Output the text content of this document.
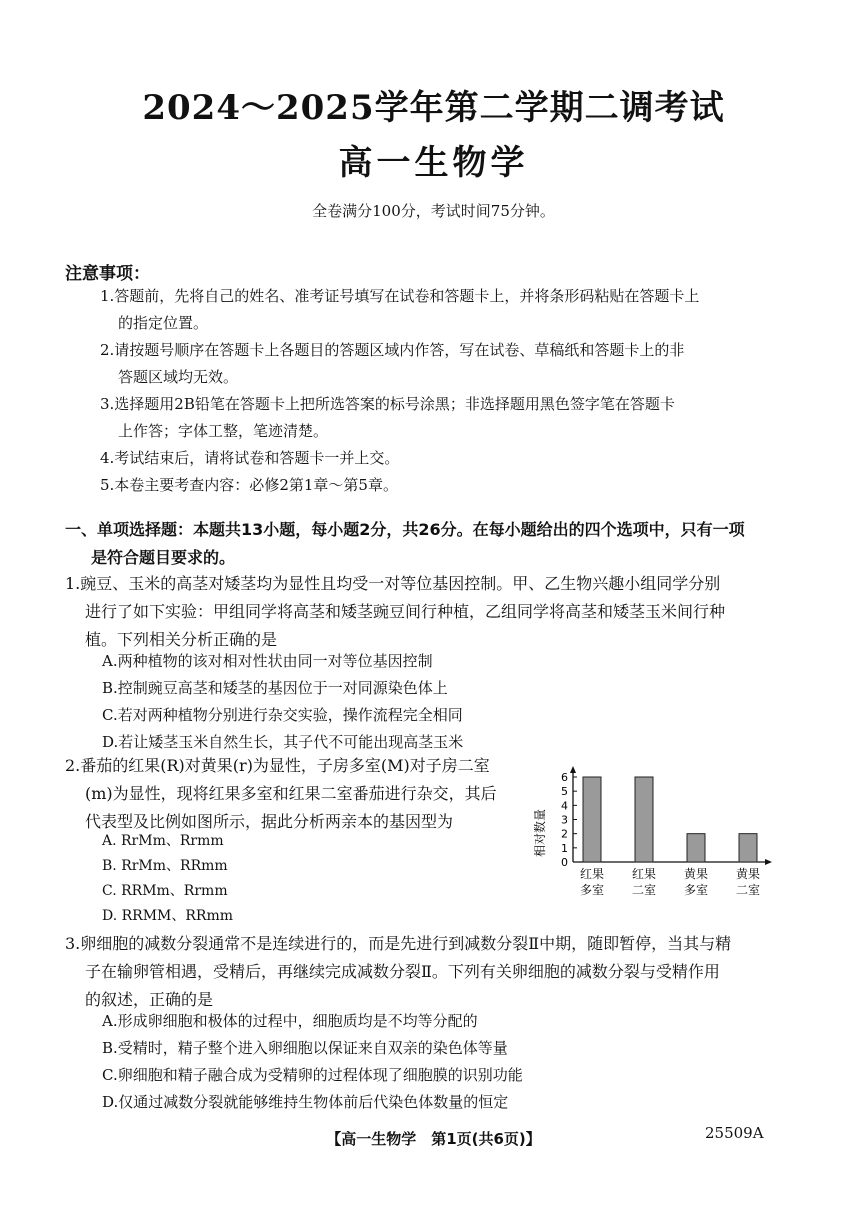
2024～2025学年第二学期二调考试
高一生物学
全卷满分100分，考试时间75分钟。
注意事项：
1.答题前，先将自己的姓名、准考证号填写在试卷和答题卡上，并将条形码粘贴在答题卡上
的指定位置。
2.请按题号顺序在答题卡上各题目的答题区域内作答，写在试卷、草稿纸和答题卡上的非
答题区域均无效。
3.选择题用2B铅笔在答题卡上把所选答案的标号涂黑；非选择题用黑色签字笔在答题卡
上作答；字体工整，笔迹清楚。
4.考试结束后，请将试卷和答题卡一并上交。
5.本卷主要考查内容：必修2第1章～第5章。
一、单项选择题：本题共13小题，每小题2分，共26分。在每小题给出的四个选项中，只有一项
是符合题目要求的。
1.豌豆、玉米的高茎对矮茎均为显性且均受一对等位基因控制。甲、乙生物兴趣小组同学分别
进行了如下实验：甲组同学将高茎和矮茎豌豆间行种植，乙组同学将高茎和矮茎玉米间行种
植。下列相关分析正确的是
A.两种植物的该对相对性状由同一对等位基因控制
B.控制豌豆高茎和矮茎的基因位于一对同源染色体上
C.若对两种植物分别进行杂交实验，操作流程完全相同
D.若让矮茎玉米自然生长，其子代不可能出现高茎玉米
2.番茄的红果(R)对黄果(r)为显性，子房多室(M)对子房二室
(m)为显性，现将红果多室和红果二室番茄进行杂交，其后
代表型及比例如图所示，据此分析两亲本的基因型为
A. RrMm、Rrmm
B. RrMm、RRmm
C. RRMm、Rrmm
D. RRMM、RRmm
相对数量
0
1
2
3
4
5
6
红果
多室
红果
二室
黄果
多室
黄果
二室
3.卵细胞的减数分裂通常不是连续进行的，而是先进行到减数分裂Ⅱ中期，随即暂停，当其与精
子在输卵管相遇，受精后，再继续完成减数分裂Ⅱ。下列有关卵细胞的减数分裂与受精作用
的叙述，正确的是
A.形成卵细胞和极体的过程中，细胞质均是不均等分配的
B.受精时，精子整个进入卵细胞以保证来自双亲的染色体等量
C.卵细胞和精子融合成为受精卵的过程体现了细胞膜的识别功能
D.仅通过减数分裂就能够维持生物体前后代染色体数量的恒定
【高一生物学　第1页(共6页)】	25509A
